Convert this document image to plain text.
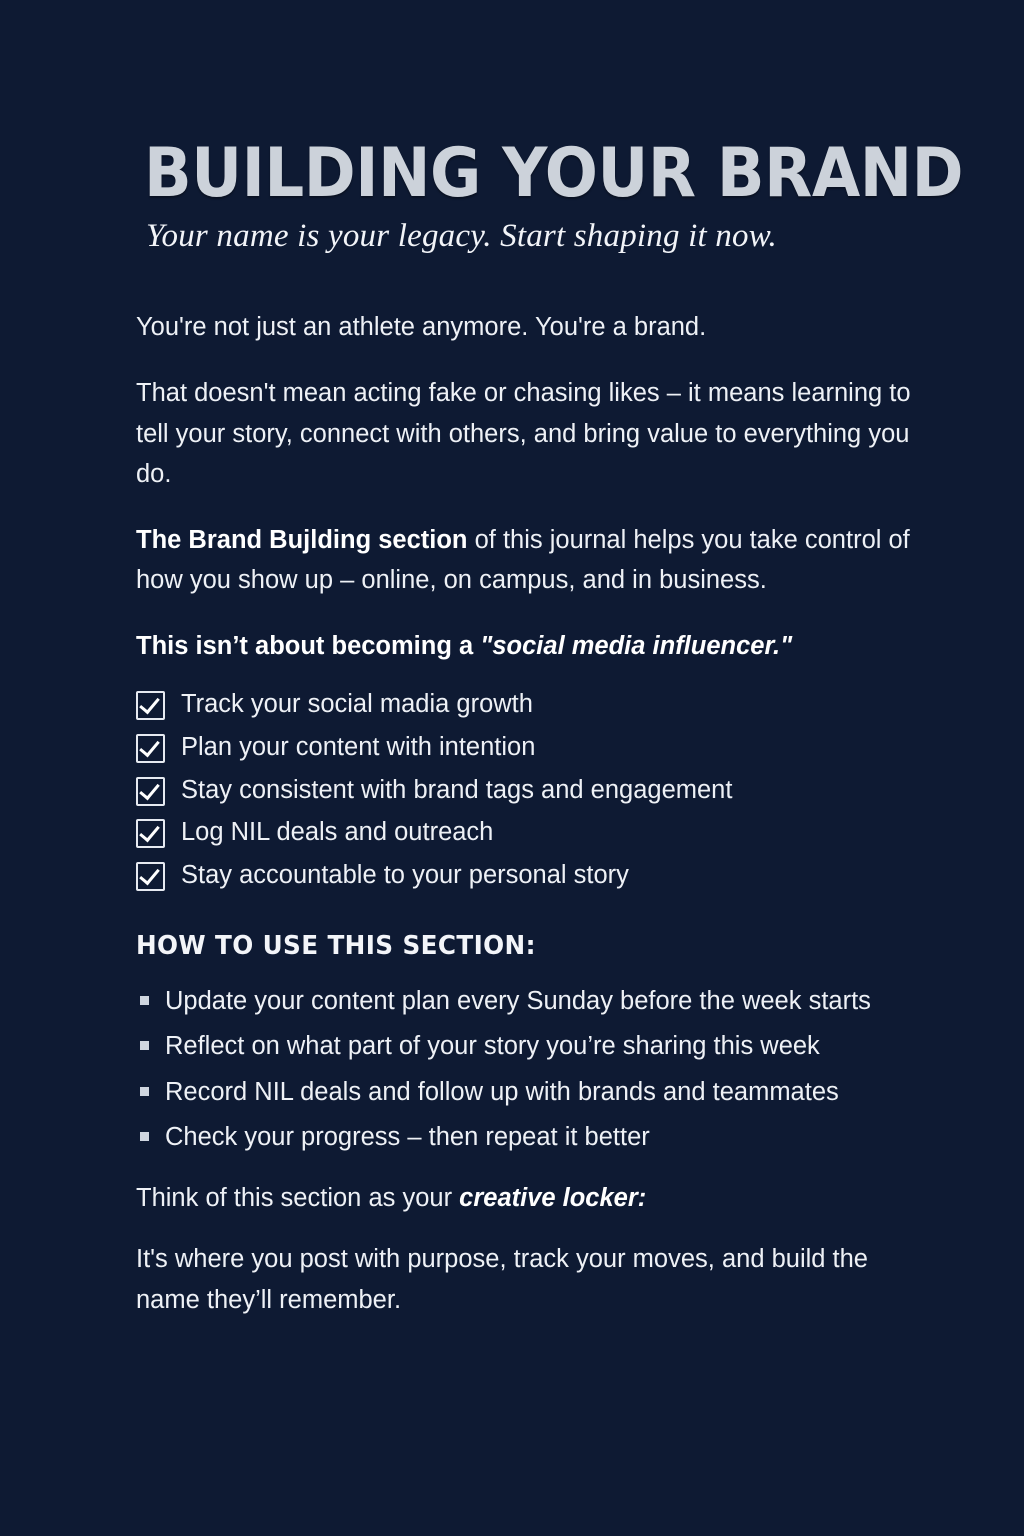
BUILDING YOUR BRAND
Your name is your legacy. Start shaping it now.

You're not just an athlete anymore. You're a brand.

That doesn't mean acting fake or chasing likes – it means learning to tell your story, connect with others, and bring value to everything you do.

The Brand Bujlding section of this journal helps you take control of how you show up – online, on campus, and in business.

This isn’t about becoming a "social media influencer."

Track your social madia growth
Plan your content with intention
Stay consistent with brand tags and engagement
Log NIL deals and outreach
Stay accountable to your personal story
HOW TO USE THIS SECTION:
Update your content plan every Sunday before the week starts
Reflect on what part of your story you’re sharing this week
Record NIL deals and follow up with brands and teammates
Check your progress – then repeat it better

Think of this section as your creative locker:

It's where you post with purpose, track your moves, and build the name they’ll remember.
